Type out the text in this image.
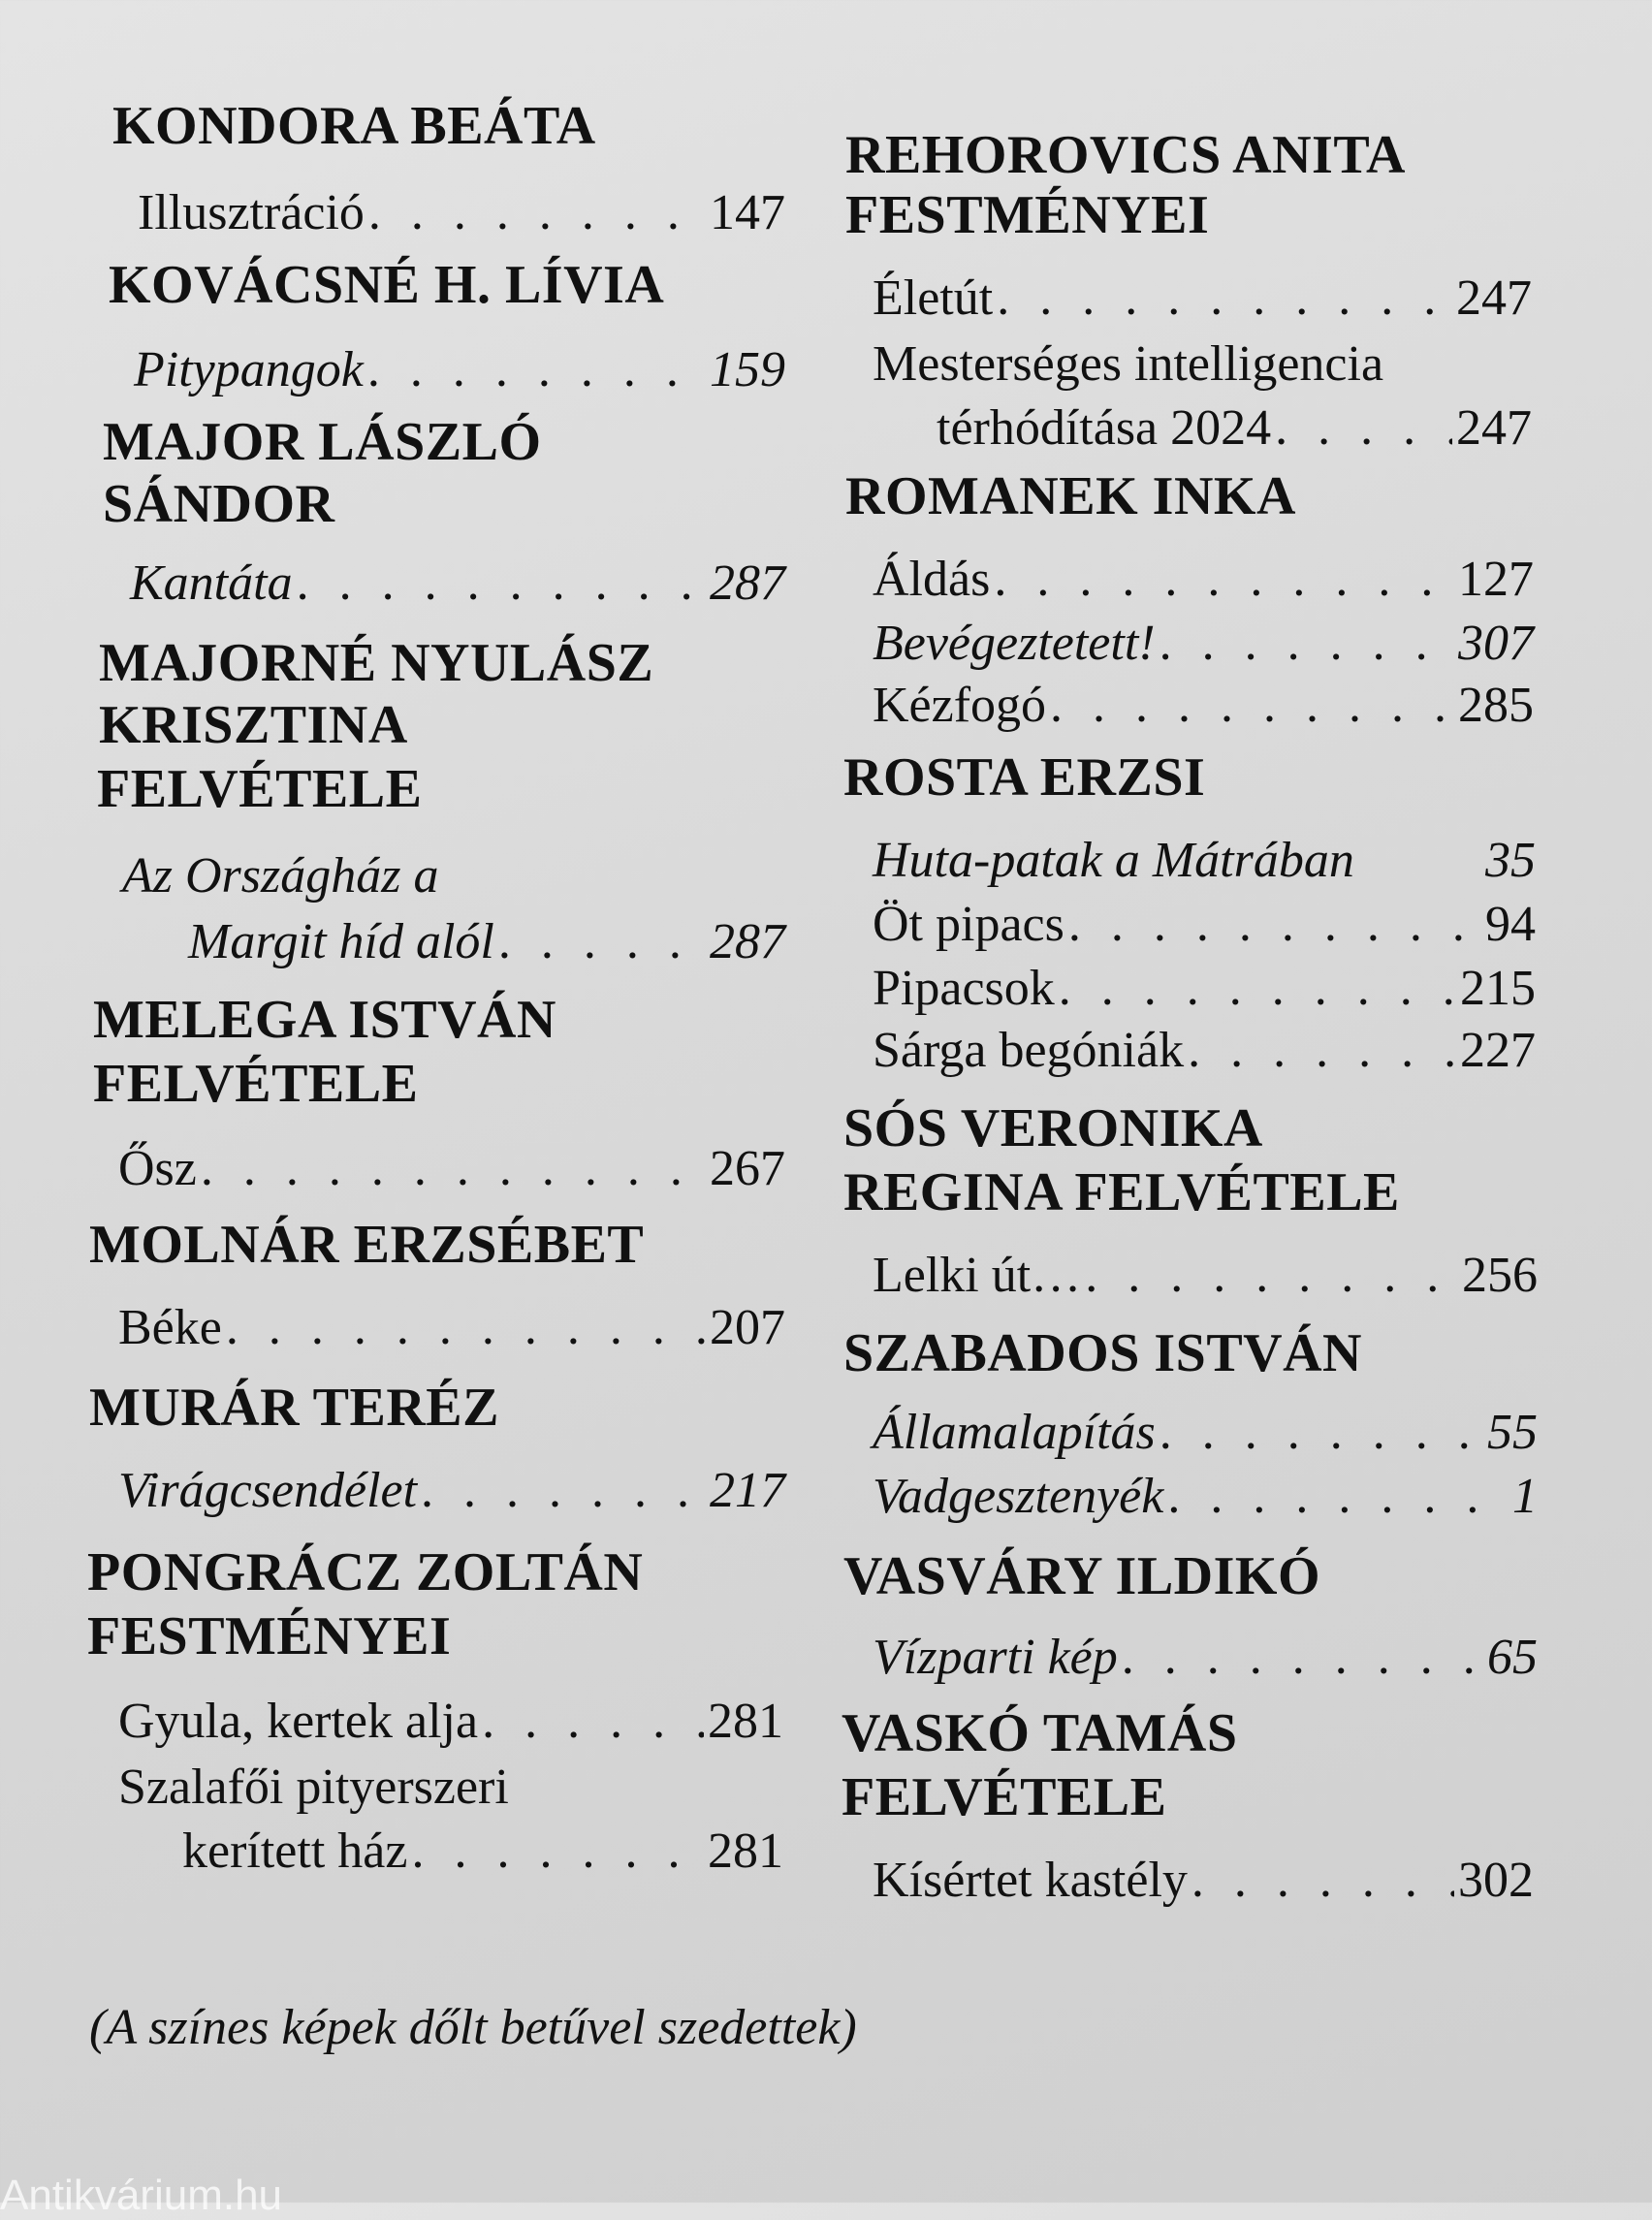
KONDORA BEÁTA
Illusztráció . . .	147
KOVÁCSNÉ H. LÍVIA
Pitypangok . . .	159
MAJOR LÁSZLÓ
SÁNDOR
Kantáta . . .	287
MAJORNÉ NYULÁSZ
KRISZTINA
FELVÉTELE
Az Országház a
Margit híd alól . . .	287
MELEGA ISTVÁN
FELVÉTELE
Ősz . . .	267
MOLNÁR ERZSÉBET
Béke . . .	207
MURÁR TERÉZ
Virágcsendélet . . .	217
PONGRÁCZ ZOLTÁN
FESTMÉNYEI
Gyula, kertek alja . . .	281
Szalafői pityerszeri
kerített ház . . .	281
REHOROVICS ANITA
FESTMÉNYEI
Életút . . .	247
Mesterséges intelligencia
térhódítása 2024 . . .	247
ROMANEK INKA
Áldás . . .	127
Bevégeztetett! . . .	307
Kézfogó . . .	285
ROSTA ERZSI
Huta-patak a Mátrában	35
Öt pipacs . . .	94
Pipacsok . . .	215
Sárga begóniák . . .	227
SÓS VERONIKA
REGINA FELVÉTELE
Lelki út… . . .	256
SZABADOS ISTVÁN
Államalapítás . . .	55
Vadgesztenyék . . .	1
VASVÁRY ILDIKÓ
Vízparti kép . . .	65
VASKÓ TAMÁS
FELVÉTELE
Kísértet kastély . . .	302
(A színes képek dőlt betűvel szedettek)
Antikvárium.hu
